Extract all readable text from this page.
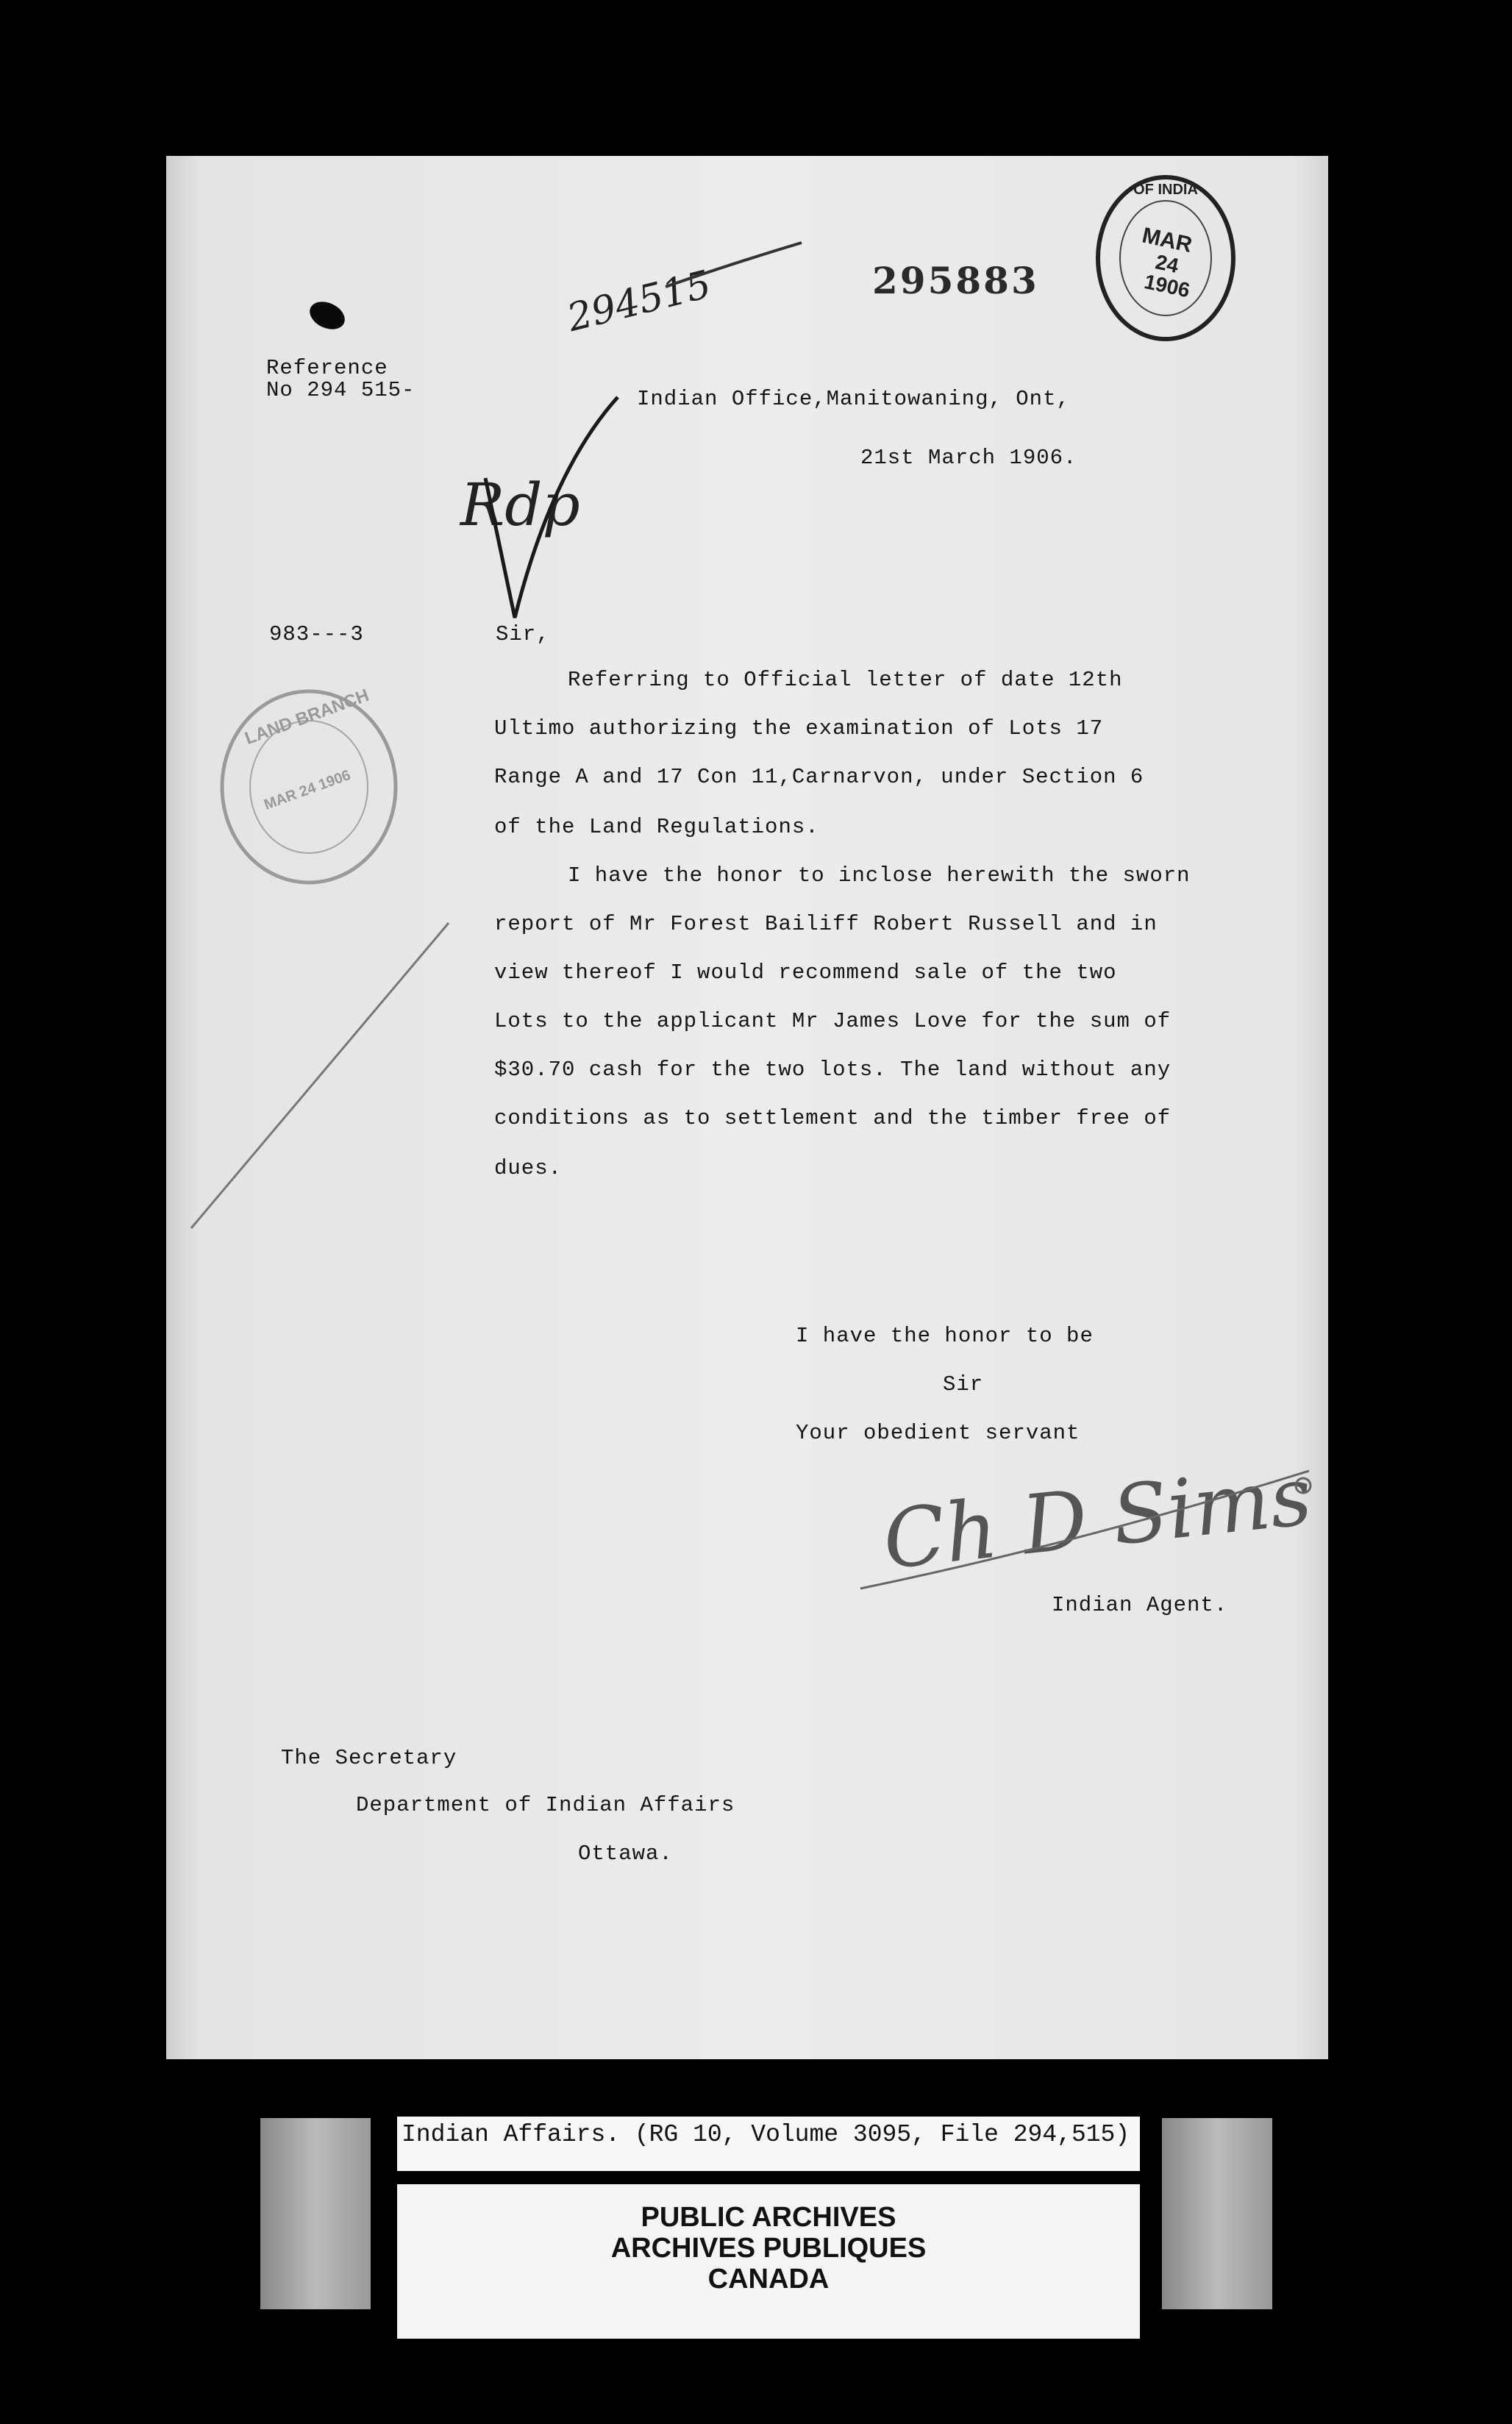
294515	295883
OF INDIA
MAR
24
1906
Reference
No 294 515-	Indian Office,Manitowaning, Ont,
21st March 1906.
Rdp
983---3	Sir,
LAND BRANCH
MAR 24 1906
Referring to Official letter of date 12th
Ultimo authorizing the examination of Lots 17
Range A and 17 Con 11,Carnarvon, under Section 6
of the Land Regulations.
I have the honor to inclose herewith the sworn
report of Mr Forest Bailiff Robert Russell and in
view thereof I would recommend sale of the two
Lots to the applicant Mr James Love for the sum of
$30.70 cash for the two lots. The land without any
conditions as to settlement and the timber free of
dues.
I have the honor to be
Sir
Your obedient servant
Ch D Sims
Indian Agent.
The Secretary
Department of Indian Affairs
Ottawa.
Indian Affairs. (RG 10, Volume 3095, File 294,515)
PUBLIC ARCHIVES
ARCHIVES PUBLIQUES
CANADA
